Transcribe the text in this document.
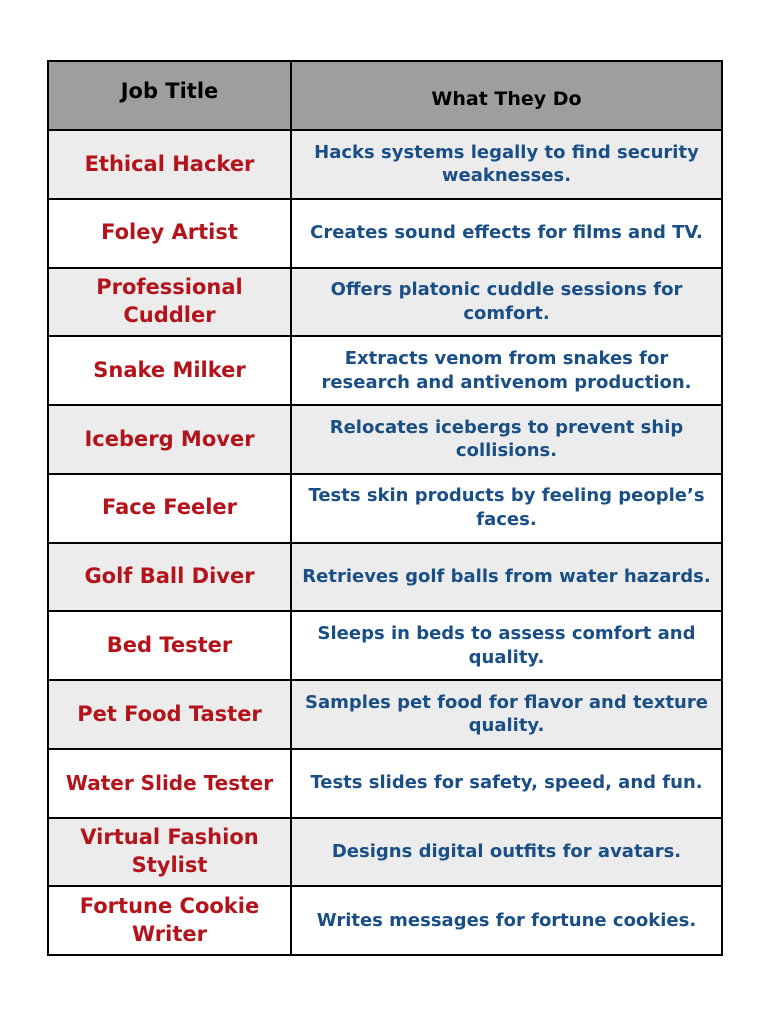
Job Title	What They Do
Ethical Hacker	Hacks systems legally to find security weaknesses.
Foley Artist	Creates sound effects for films and TV.
Professional Cuddler	Offers platonic cuddle sessions for comfort.
Snake Milker	Extracts venom from snakes for research and antivenom production.
Iceberg Mover	Relocates icebergs to prevent ship collisions.
Face Feeler	Tests skin products by feeling people’s faces.
Golf Ball Diver	Retrieves golf balls from water hazards.
Bed Tester	Sleeps in beds to assess comfort and quality.
Pet Food Taster	Samples pet food for flavor and texture quality.
Water Slide Tester	Tests slides for safety, speed, and fun.
Virtual Fashion Stylist	Designs digital outfits for avatars.
Fortune Cookie Writer	Writes messages for fortune cookies.
